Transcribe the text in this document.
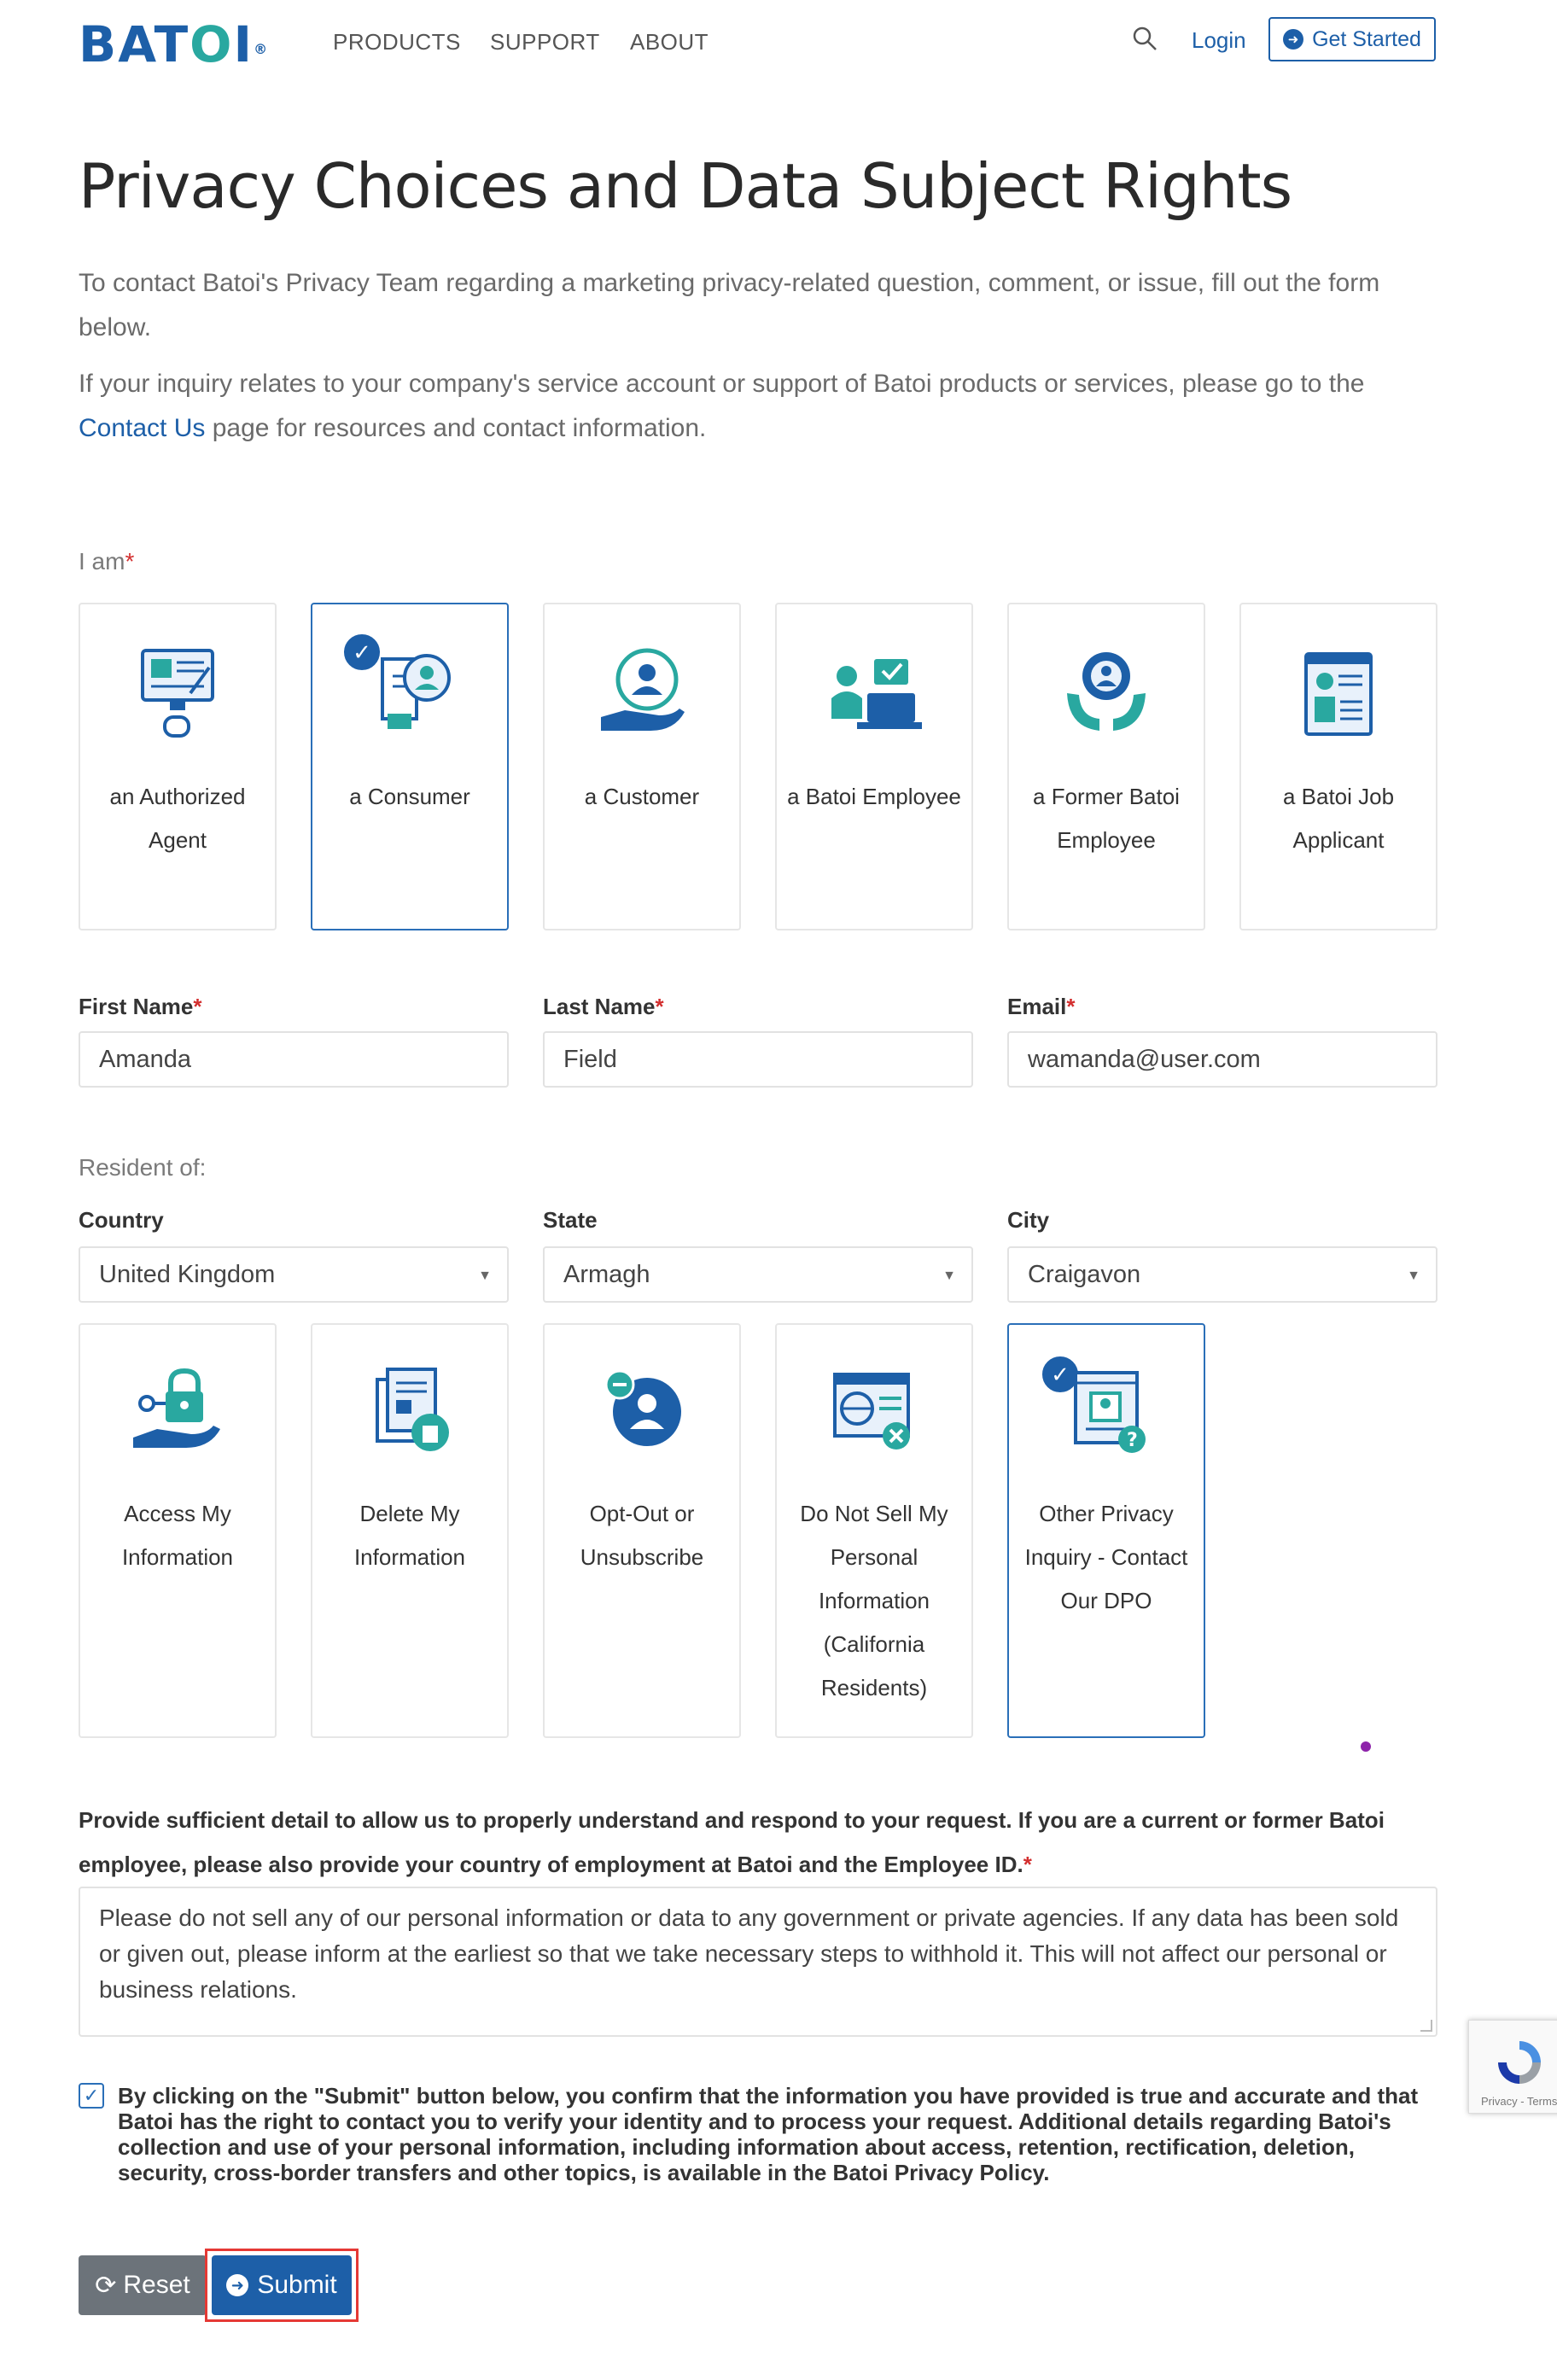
BATOI®	PRODUCTS SUPPORT ABOUT	Login	➜ Get Started
Privacy Choices and Data Subject Rights
To contact Batoi's Privacy Team regarding a marketing privacy-related question, comment, or issue, fill out the form below.
If your inquiry relates to your company's service account or support of Batoi products or services, please go to the Contact Us page for resources and contact information.
I am*
an Authorized Agent
✓
a Consumer	a Customer	a Batoi Employee	a Former Batoi Employee
a Batoi Job Applicant
First Name*	Last Name*	Email*
Amanda	Field	wamanda@user.com
Resident of:
Country	State	City
United Kingdom	▼	Armagh	▼	Craigavon	▼
Access My Information
Delete My Information
Opt-Out or Unsubscribe
Do Not Sell My Personal Information (California Residents)
✓
?
Other Privacy Inquiry - Contact Our DPO
Provide sufficient detail to allow us to properly understand and respond to your request. If you are a current or former Batoi employee, please also provide your country of employment at Batoi and the Employee ID.*
Please do not sell any of our personal information or data to any government or private agencies. If any data has been sold or given out, please inform at the earliest so that we take necessary steps to withhold it. This will not affect our personal or business relations.
✓ By clicking on the "Submit" button below, you confirm that the information you have provided is true and accurate and that Batoi has the right to contact you to verify your identity and to process your request. Additional details regarding Batoi's collection and use of your personal information, including information about access, retention, rectification, deletion, security, cross-border transfers and other topics, is available in the Batoi Privacy Policy.
Privacy - Terms
⟳ Reset	➜ Submit
